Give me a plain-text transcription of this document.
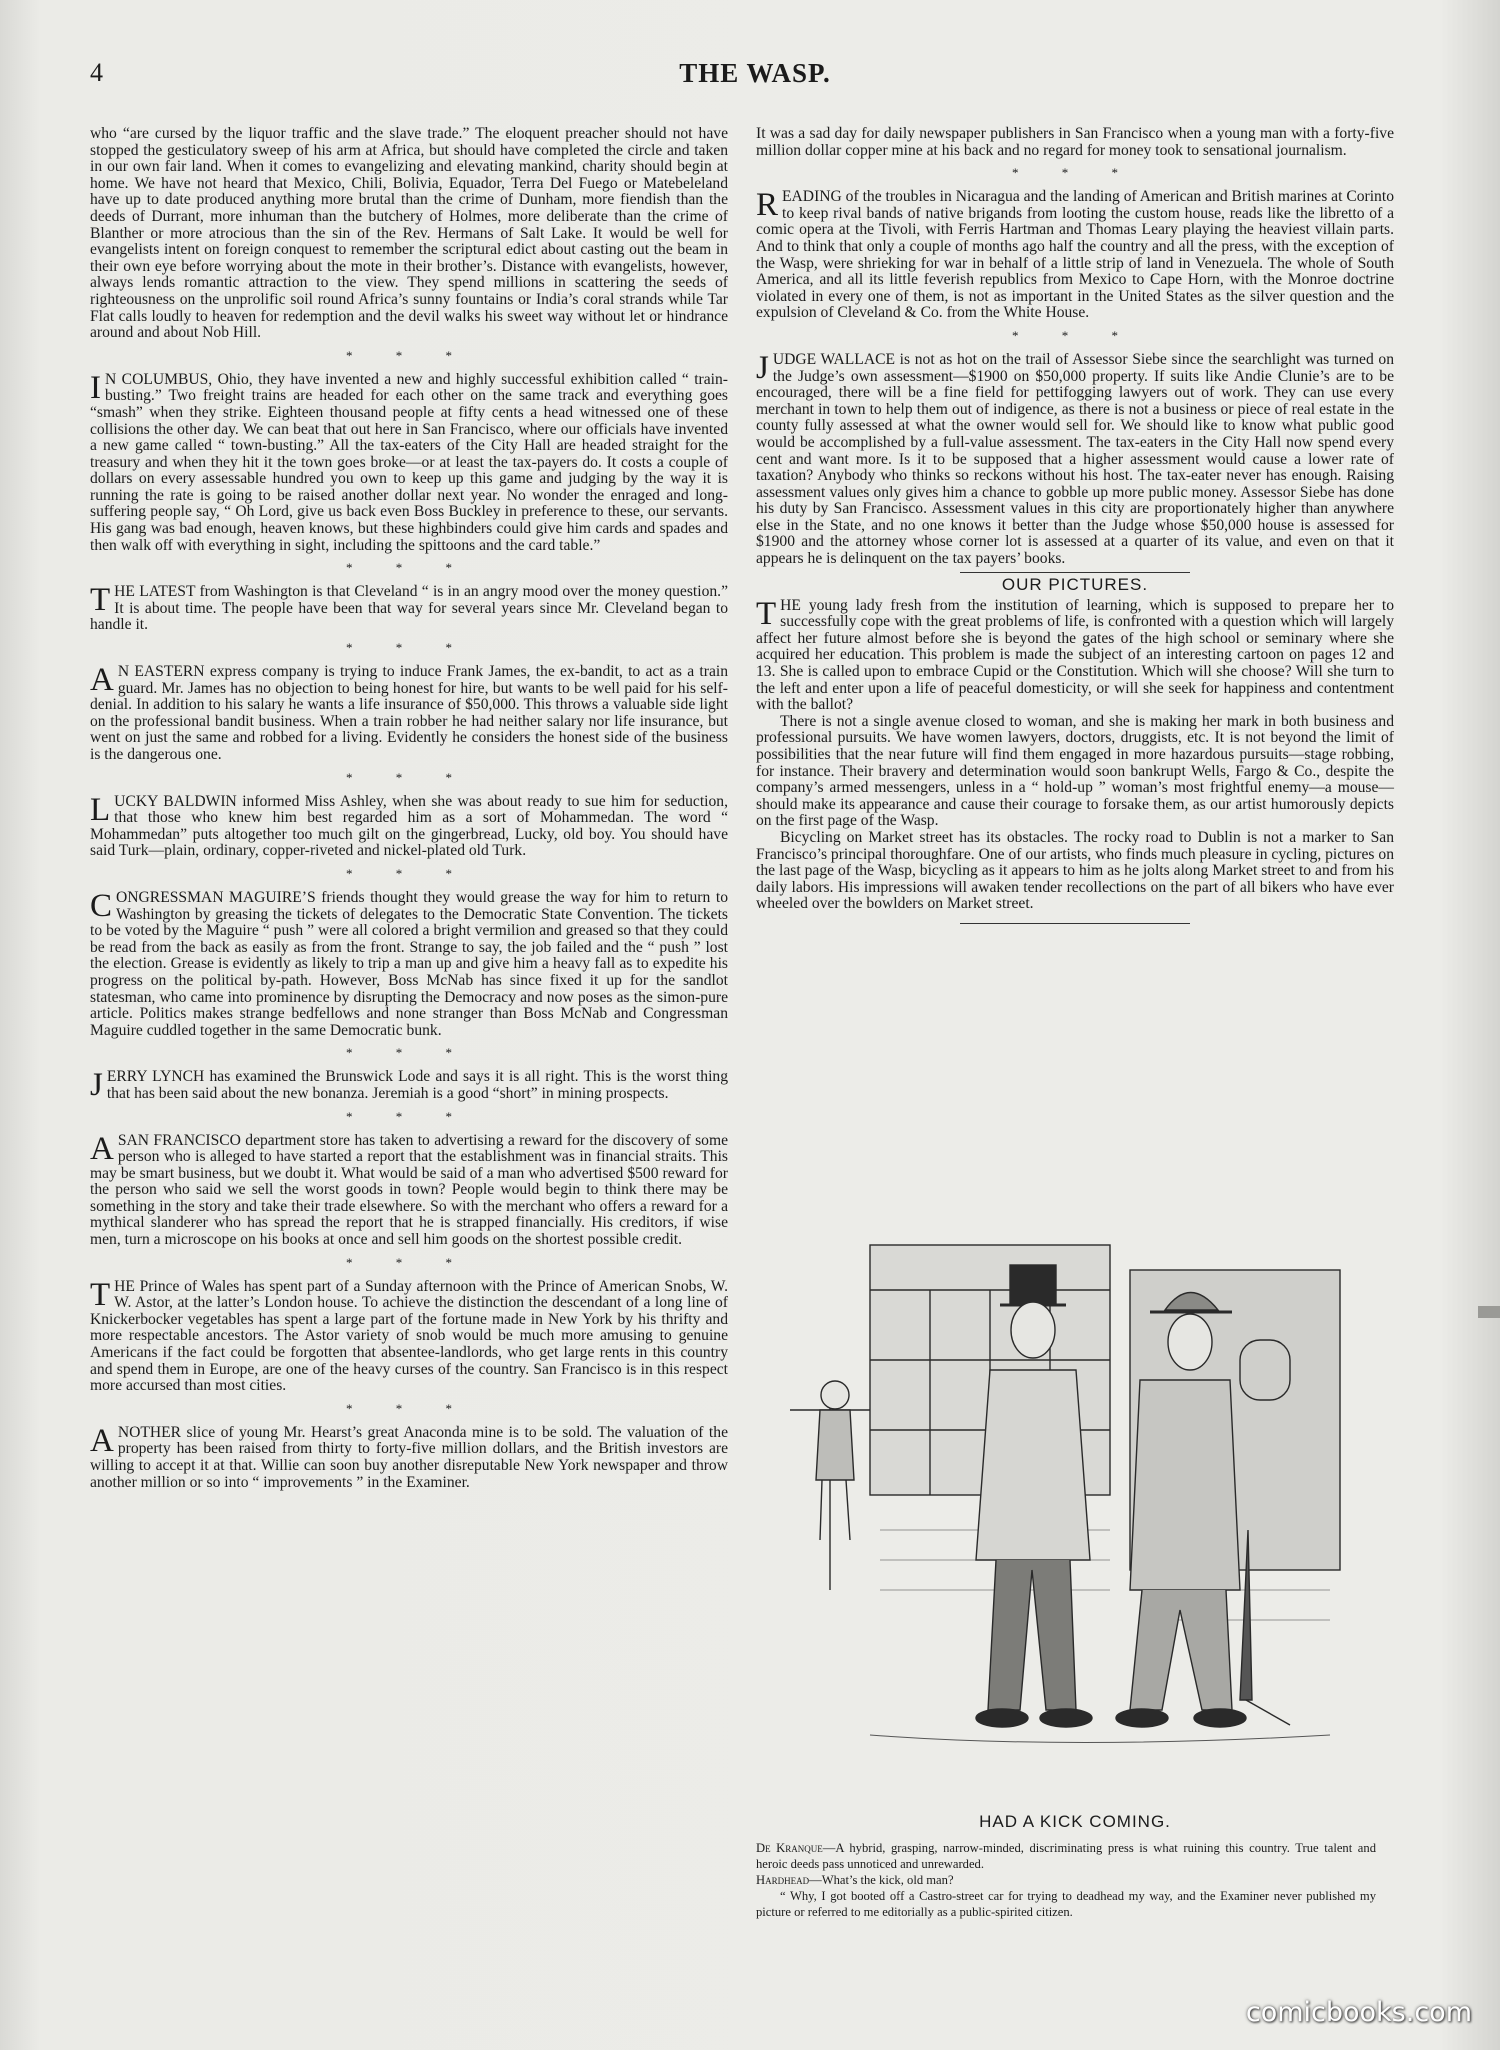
4	THE WASP.

who “are cursed by the liquor traffic and the slave trade.” The eloquent preacher should not have stopped the gesticulatory sweep of his arm at Africa, but should have completed the circle and taken in our own fair land. When it comes to evangelizing and elevating mankind, charity should begin at home. We have not heard that Mexico, Chili, Bolivia, Equador, Terra Del Fuego or Matebeleland have up to date produced anything more brutal than the crime of Dunham, more fiendish than the deeds of Durrant, more inhuman than the butchery of Holmes, more deliberate than the crime of Blanther or more atrocious than the sin of the Rev. Hermans of Salt Lake. It would be well for evangelists intent on foreign conquest to remember the scriptural edict about casting out the beam in their own eye before worrying about the mote in their brother’s. Distance with evangelists, however, always lends romantic attraction to the view. They spend millions in scattering the seeds of righteousness on the unprolific soil round Africa’s sunny fountains or India’s coral strands while Tar Flat calls loudly to heaven for redemption and the devil walks his sweet way without let or hindrance around and about Nob Hill.

* * *

I N COLUMBUS, Ohio, they have invented a new and highly successful exhibition called “ train-busting.” Two freight trains are headed for each other on the same track and everything goes “smash” when they strike. Eighteen thousand people at fifty cents a head witnessed one of these collisions the other day. We can beat that out here in San Francisco, where our officials have invented a new game called “ town-busting.” All the tax-eaters of the City Hall are headed straight for the treasury and when they hit it the town goes broke—or at least the tax-payers do. It costs a couple of dollars on every assessable hundred you own to keep up this game and judging by the way it is running the rate is going to be raised another dollar next year. No wonder the enraged and long-suffering people say, “ Oh Lord, give us back even Boss Buckley in preference to these, our servants. His gang was bad enough, heaven knows, but these highbinders could give him cards and spades and then walk off with everything in sight, including the spittoons and the card table.”

* * *

THE LATEST from Washington is that Cleveland “ is in an angry mood over the money question.” It is about time. The people have been that way for several years since Mr. Cleveland began to handle it.

* * *

A N EASTERN express company is trying to induce Frank James, the ex-bandit, to act as a train guard. Mr. James has no objection to being honest for hire, but wants to be well paid for his self-denial. In addition to his salary he wants a life insurance of $50,000. This throws a valuable side light on the professional bandit business. When a train robber he had neither salary nor life insurance, but went on just the same and robbed for a living. Evidently he considers the honest side of the business is the dangerous one.

* * *

LUCKY BALDWIN informed Miss Ashley, when she was about ready to sue him for seduction, that those who knew him best regarded him as a sort of Mohammedan. The word “ Mohammedan” puts altogether too much gilt on the gingerbread, Lucky, old boy. You should have said Turk—plain, ordinary, copper-riveted and nickel-plated old Turk.

* * *

CONGRESSMAN MAGUIRE’S friends thought they would grease the way for him to return to Washington by greasing the tickets of delegates to the Democratic State Convention. The tickets to be voted by the Maguire “ push ” were all colored a bright vermilion and greased so that they could be read from the back as easily as from the front. Strange to say, the job failed and the “ push ” lost the election. Grease is evidently as likely to trip a man up and give him a heavy fall as to expedite his progress on the political by-path. However, Boss McNab has since fixed it up for the sandlot statesman, who came into prominence by disrupting the Democracy and now poses as the simon-pure article. Politics makes strange bedfellows and none stranger than Boss McNab and Congressman Maguire cuddled together in the same Democratic bunk.

* * *

JERRY LYNCH has examined the Brunswick Lode and says it is all right. This is the worst thing that has been said about the new bonanza. Jeremiah is a good “short” in mining prospects.

* * *

A SAN FRANCISCO department store has taken to advertising a reward for the discovery of some person who is alleged to have started a report that the establishment was in financial straits. This may be smart business, but we doubt it. What would be said of a man who advertised $500 reward for the person who said we sell the worst goods in town? People would begin to think there may be something in the story and take their trade elsewhere. So with the merchant who offers a reward for a mythical slanderer who has spread the report that he is strapped financially. His creditors, if wise men, turn a microscope on his books at once and sell him goods on the shortest possible credit.

* * *

THE Prince of Wales has spent part of a Sunday afternoon with the Prince of American Snobs, W. W. Astor, at the latter’s London house. To achieve the distinction the descendant of a long line of Knickerbocker vegetables has spent a large part of the fortune made in New York by his thrifty and more respectable ancestors. The Astor variety of snob would be much more amusing to genuine Americans if the fact could be forgotten that absentee-landlords, who get large rents in this country and spend them in Europe, are one of the heavy curses of the country. San Francisco is in this respect more accursed than most cities.

* * *

ANOTHER slice of young Mr. Hearst’s great Anaconda mine is to be sold. The valuation of the property has been raised from thirty to forty-five million dollars, and the British investors are willing to accept it at that. Willie can soon buy another disreputable New York newspaper and throw another million or so into “ improvements ” in the Examiner.

It was a sad day for daily newspaper publishers in San Francisco when a young man with a forty-five million dollar copper mine at his back and no regard for money took to sensational journalism.

* * *

READING of the troubles in Nicaragua and the landing of American and British marines at Corinto to keep rival bands of native brigands from looting the custom house, reads like the libretto of a comic opera at the Tivoli, with Ferris Hartman and Thomas Leary playing the heaviest villain parts. And to think that only a couple of months ago half the country and all the press, with the exception of the Wasp, were shrieking for war in behalf of a little strip of land in Venezuela. The whole of South America, and all its little feverish republics from Mexico to Cape Horn, with the Monroe doctrine violated in every one of them, is not as important in the United States as the silver question and the expulsion of Cleveland & Co. from the White House.

* * *

JUDGE WALLACE is not as hot on the trail of Assessor Siebe since the searchlight was turned on the Judge’s own assessment—$1900 on $50,000 property. If suits like Andie Clunie’s are to be encouraged, there will be a fine field for pettifogging lawyers out of work. They can use every merchant in town to help them out of indigence, as there is not a business or piece of real estate in the county fully assessed at what the owner would sell for. We should like to know what public good would be accomplished by a full-value assessment. The tax-eaters in the City Hall now spend every cent and want more. Is it to be supposed that a higher assessment would cause a lower rate of taxation? Anybody who thinks so reckons without his host. The tax-eater never has enough. Raising assessment values only gives him a chance to gobble up more public money. Assessor Siebe has done his duty by San Francisco. Assessment values in this city are proportionately higher than anywhere else in the State, and no one knows it better than the Judge whose $50,000 house is assessed for $1900 and the attorney whose corner lot is assessed at a quarter of its value, and even on that it appears he is delinquent on the tax payers’ books.

OUR PICTURES.

THE young lady fresh from the institution of learning, which is supposed to prepare her to successfully cope with the great problems of life, is confronted with a question which will largely affect her future almost before she is beyond the gates of the high school or seminary where she acquired her education. This problem is made the subject of an interesting cartoon on pages 12 and 13. She is called upon to embrace Cupid or the Constitution. Which will she choose? Will she turn to the left and enter upon a life of peaceful domesticity, or will she seek for happiness and contentment with the ballot?

There is not a single avenue closed to woman, and she is making her mark in both business and professional pursuits. We have women lawyers, doctors, druggists, etc. It is not beyond the limit of possibilities that the near future will find them engaged in more hazardous pursuits—stage robbing, for instance. Their bravery and determination would soon bankrupt Wells, Fargo & Co., despite the company’s armed messengers, unless in a “ hold-up ” woman’s most frightful enemy—a mouse—should make its appearance and cause their courage to forsake them, as our artist humorously depicts on the first page of the Wasp.

Bicycling on Market street has its obstacles. The rocky road to Dublin is not a marker to San Francisco’s principal thoroughfare. One of our artists, who finds much pleasure in cycling, pictures on the last page of the Wasp, bicycling as it appears to him as he jolts along Market street to and from his daily labors. His impressions will awaken tender recollections on the part of all bikers who have ever wheeled over the bowlders on Market street.

HAD A KICK COMING.

De Kranque—A hybrid, grasping, narrow-minded, discriminating press is what ruining this country. True talent and heroic deeds pass unnoticed and unrewarded.

Hardhead—What’s the kick, old man?

“ Why, I got booted off a Castro-street car for trying to deadhead my way, and the Examiner never published my picture or referred to me editorially as a public-spirited citizen.

comicbooks.com
